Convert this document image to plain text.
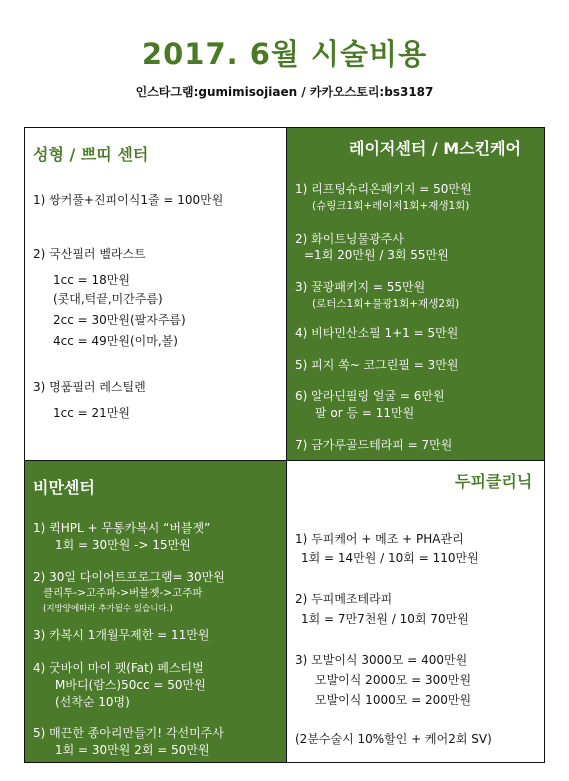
2017. 6월 시술비용
인스타그램:gumimisojiaen / 카카오스토리:bs3187
성형 / 쁘띠 센터
1) 쌍커풀+진피이식1줄 = 100만원
2) 국산필러 벨라스트
1cc = 18만원
(콧대,턱끝,미간주름)
2cc = 30만원(팔자주름)
4cc = 49만원(이마,볼)
3) 명품필러 레스틸렌
1cc = 21만원
레이저센터 / M스킨케어
1) 리프팅슈리온패키지 = 50만원
(슈링크1회+레이저1회+재생1회)
2) 화이트닝물광주사
=1회 20만원 / 3회 55만원
3) 꿀광패키지 = 55만원
(로터스1회+물광1회+재생2회)
4) 비타민산소필 1+1 = 5만원
5) 피지 쏙~ 코그린필 = 3만원
6) 알라딘필링 얼굴 = 6만원
팔 or 등 = 11만원
7) 금가루골드테라피 = 7만원
비만센터
1) 퀵HPL + 무통카복시 “버블젯”
1회 = 30만원 -> 15만원
2) 30일 다이어트프로그램= 30만원
클리투->고주파->버블젯->고주파
(지방양에따라 추가될수 있습니다.)
3) 카복시 1개월무제한 = 11만원
4) 굿바이 마이 펫(Fat) 페스티벌
M바디(람스)50cc = 50만원
(선착순 10명)
5) 매끈한 종아리만들기! 각선미주사
1회 = 30만원 2회 = 50만원
두피클리닉
1) 두피케어 + 메조 + PHA관리
1회 = 14만원 / 10회 = 110만원
2) 두피메조테라피
1회 = 7만7천원 / 10회 70만원
3) 모발이식 3000모 = 400만원
모발이식 2000모 = 300만원
모발이식 1000모 = 200만원
(2분수술시 10%할인 + 케어2회 SV)
